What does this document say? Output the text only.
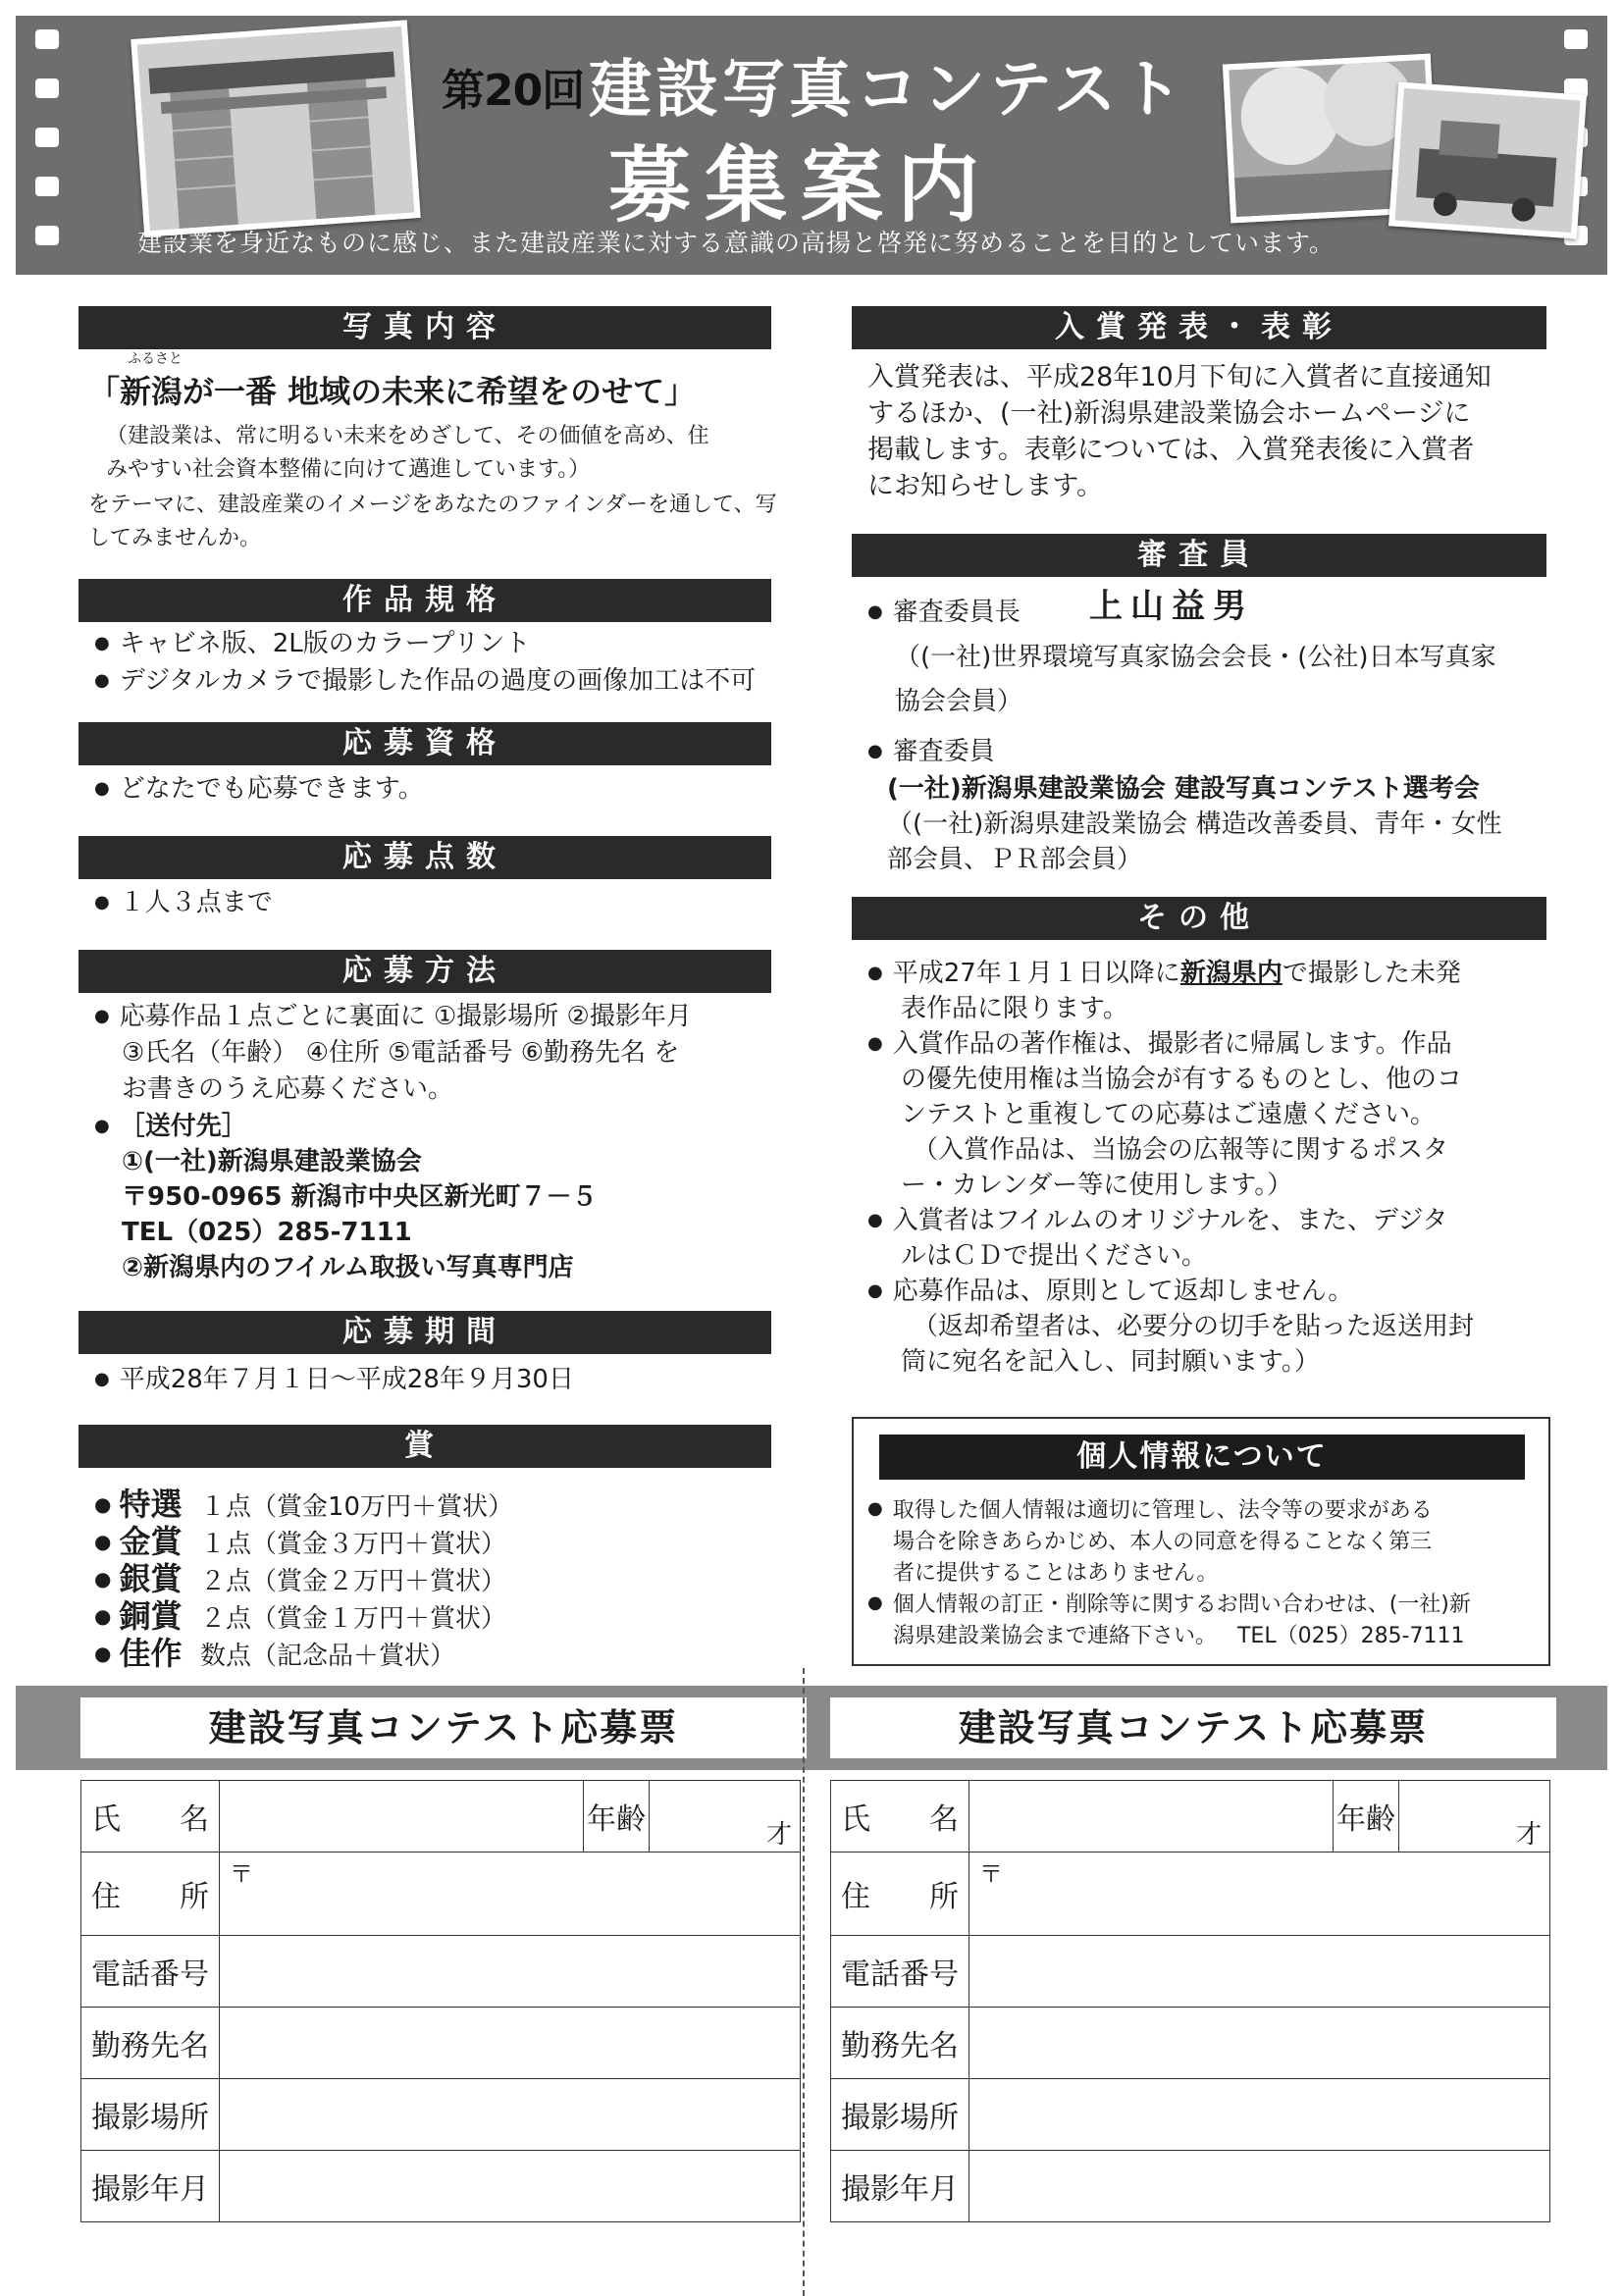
第20回 建設写真コンテスト
募集案内
建設業を身近なものに感じ、また建設産業に対する意識の高揚と啓発に努めることを目的としています。
写真内容
ふるさと
「新潟が一番 地域の未来に希望をのせて」
（建設業は、常に明るい未来をめざして、その価値を高め、住
みやすい社会資本整備に向けて邁進しています。）
をテーマに、建設産業のイメージをあなたのファインダーを通して、写
してみませんか。
作品規格
● キャビネ版、2L版のカラープリント
● デジタルカメラで撮影した作品の過度の画像加工は不可
応募資格
● どなたでも応募できます。
応募点数
● １人３点まで
応募方法
● 応募作品１点ごとに裏面に ①撮影場所 ②撮影年月
③氏名（年齢） ④住所 ⑤電話番号 ⑥勤務先名 を
お書きのうえ応募ください。
● ［送付先］
①(一社)新潟県建設業協会
〒950-0965 新潟市中央区新光町７－５
TEL（025）285-7111
②新潟県内のフイルム取扱い写真専門店
応募期間
● 平成28年７月１日～平成28年９月30日
賞
● 特選 １点（賞金10万円＋賞状）
● 金賞 １点（賞金３万円＋賞状）
● 銀賞 ２点（賞金２万円＋賞状）
● 銅賞 ２点（賞金１万円＋賞状）
● 佳作 数点（記念品＋賞状）
入賞発表・表彰
入賞発表は、平成28年10月下旬に入賞者に直接通知
するほか、(一社)新潟県建設業協会ホームページに
掲載します。表彰については、入賞発表後に入賞者
にお知らせします。
審査員
● 審査委員長 上山益男
（(一社)世界環境写真家協会会長・(公社)日本写真家
協会会員）
● 審査委員
(一社)新潟県建設業協会 建設写真コンテスト選考会
（(一社)新潟県建設業協会 構造改善委員、青年・女性
部会員、ＰＲ部会員）
その他
● 平成27年１月１日以降に新潟県内で撮影した未発
表作品に限ります。
● 入賞作品の著作権は、撮影者に帰属します。作品
の優先使用権は当協会が有するものとし、他のコ
ンテストと重複しての応募はご遠慮ください。
（入賞作品は、当協会の広報等に関するポスタ
ー・カレンダー等に使用します。）
● 入賞者はフイルムのオリジナルを、また、デジタ
ルはＣＤで提出ください。
● 応募作品は、原則として返却しません。
（返却希望者は、必要分の切手を貼った返送用封
筒に宛名を記入し、同封願います。）
個人情報について
● 取得した個人情報は適切に管理し、法令等の要求がある
場合を除きあらかじめ、本人の同意を得ることなく第三
者に提供することはありません。
● 個人情報の訂正・削除等に関するお問い合わせは、(一社)新
潟県建設業協会まで連絡下さい。   TEL（025）285-7111
建設写真コンテスト応募票	建設写真コンテスト応募票
氏　　名		年齢	才

住　　所	〒
電話番号			
勤務先名			
撮影場所			
撮影年月			
氏　　名		年齢	才

住　　所	〒
電話番号			
勤務先名			
撮影場所			
撮影年月			
